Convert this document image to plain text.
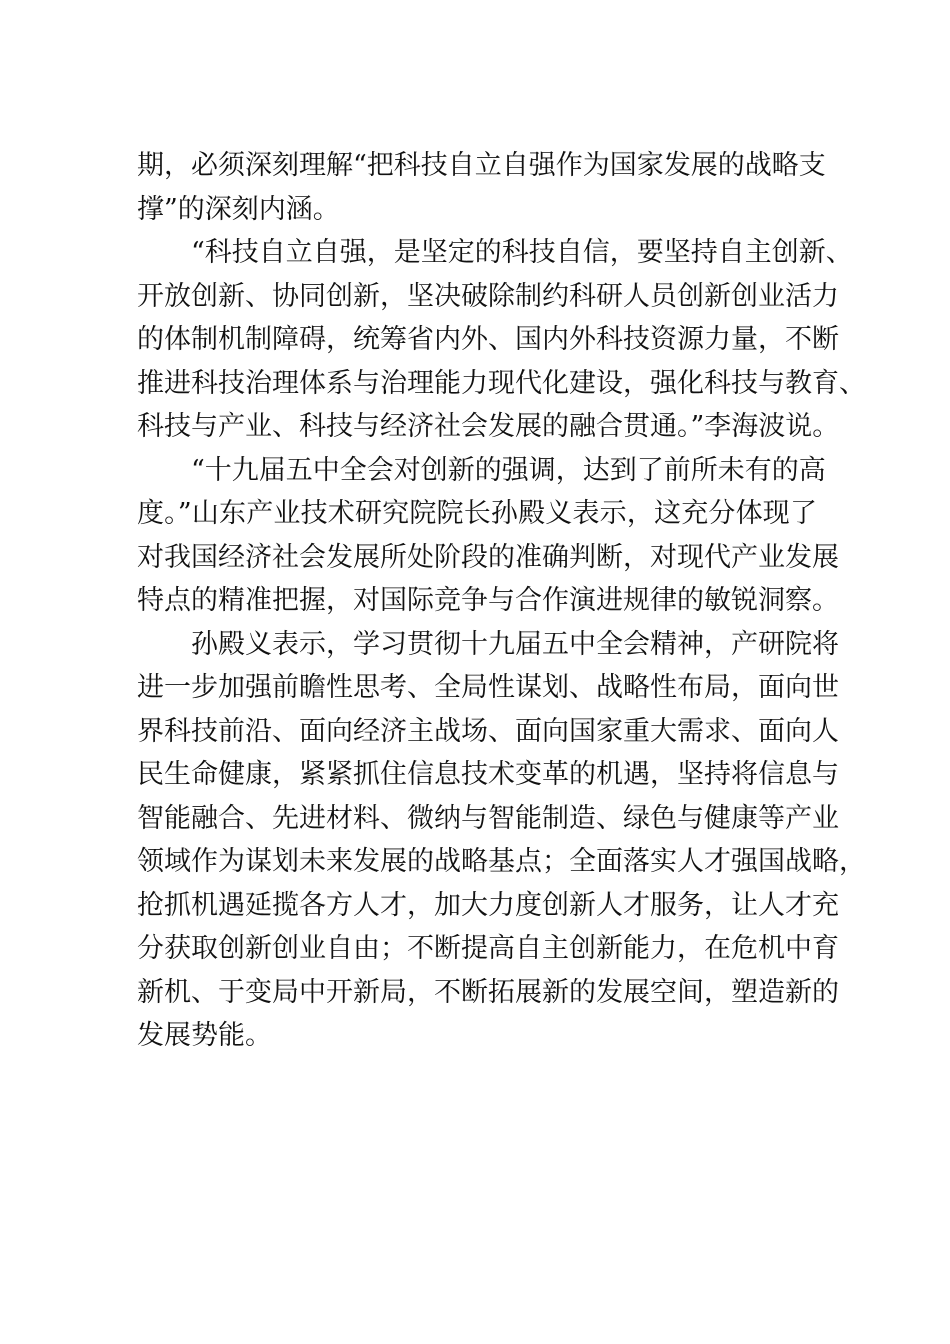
期，必须深刻理解“把科技自立自强作为国家发展的战略支
撑”的深刻内涵。
“科技自立自强，是坚定的科技自信，要坚持自主创新、
开放创新、协同创新，坚决破除制约科研人员创新创业活力
的体制机制障碍，统筹省内外、国内外科技资源力量，不断
推进科技治理体系与治理能力现代化建设，强化科技与教育、
科技与产业、科技与经济社会发展的融合贯通。”李海波说。
“十九届五中全会对创新的强调，达到了前所未有的高
度。”山东产业技术研究院院长孙殿义表示，这充分体现了
对我国经济社会发展所处阶段的准确判断，对现代产业发展
特点的精准把握，对国际竞争与合作演进规律的敏锐洞察。
孙殿义表示，学习贯彻十九届五中全会精神，产研院将
进一步加强前瞻性思考、全局性谋划、战略性布局，面向世
界科技前沿、面向经济主战场、面向国家重大需求、面向人
民生命健康，紧紧抓住信息技术变革的机遇，坚持将信息与
智能融合、先进材料、微纳与智能制造、绿色与健康等产业
领域作为谋划未来发展的战略基点；全面落实人才强国战略，
抢抓机遇延揽各方人才，加大力度创新人才服务，让人才充
分获取创新创业自由；不断提高自主创新能力，在危机中育
新机、于变局中开新局，不断拓展新的发展空间，塑造新的
发展势能。
